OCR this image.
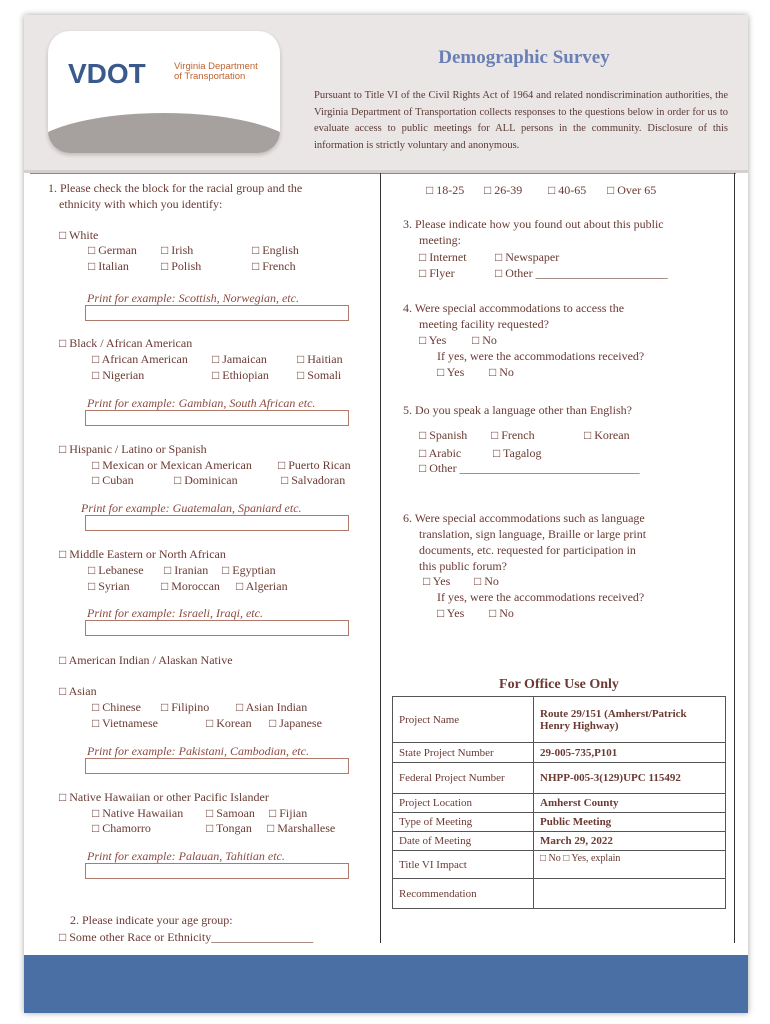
VDOT	Virginia Department
of Transportation
Demographic Survey
Pursuant to Title VI of the Civil Rights Act of 1964 and related nondiscrimination authorities, the Virginia Department of Transportation collects responses to the questions below in order for us to evaluate access to public meetings for ALL persons in the community. Disclosure of this information is strictly voluntary and anonymous.
1. Please check the block for the racial group and the
ethnicity with which you identify:
□ White
□ German □ Irish	□ English
□ Italian	□ Polish	□ French
Print for example: Scottish, Norwegian, etc.
□ Black / African American
□ African American □ Jamaican	□ Haitian
□ Nigerian	□ Ethiopian □ Somali
Print for example: Gambian, South African etc.
□ Hispanic / Latino or Spanish
□ Mexican or Mexican American □ Puerto Rican
□ Cuban	□ Dominican	□ Salvadoran
Print for example: Guatemalan, Spaniard etc.
□ Middle Eastern or North African
□ Lebanese □ Iranian □ Egyptian
□ Syrian	□ Moroccan □ Algerian
Print for example: Israeli, Iraqi, etc.
□ American Indian / Alaskan Native
□ Asian
□ Chinese □ Filipino □ Asian Indian
□ Vietnamese	□ Korean □ Japanese
Print for example: Pakistani, Cambodian, etc.
□ Native Hawaiian or other Pacific Islander
□ Native Hawaiian □ Samoan □ Fijian
□ Chamorro	□ Tongan □ Marshallese
Print for example: Palauan, Tahitian etc.
2. Please indicate your age group:
□ Some other Race or Ethnicity_________________
□ 18-25 □ 26-39 □ 40-65 □ Over 65
3. Please indicate how you found out about this public
meeting:
□ Internet □ Newspaper
□ Flyer	□ Other ______________________
4. Were special accommodations to access the
meeting facility requested?
□ Yes □ No
If yes, were the accommodations received?
□ Yes □ No
5. Do you speak a language other than English?
□ Spanish □ French	□ Korean
□ Arabic	□ Tagalog
□ Other ______________________________
6. Were special accommodations such as language
translation, sign language, Braille or large print
documents, etc. requested for participation in
this public forum?
□ Yes □ No
If yes, were the accommodations received?
□ Yes □ No
For Office Use Only
Project Name	Route 29/151 (Amherst/Patrick Henry Highway)
State Project Number	29-005-735,P101
Federal Project Number	NHPP-005-3(129)UPC 115492
Project Location	Amherst County
Type of Meeting	Public Meeting
Date of Meeting	March 29, 2022
Title VI Impact	□ No □ Yes, explain
Recommendation	
